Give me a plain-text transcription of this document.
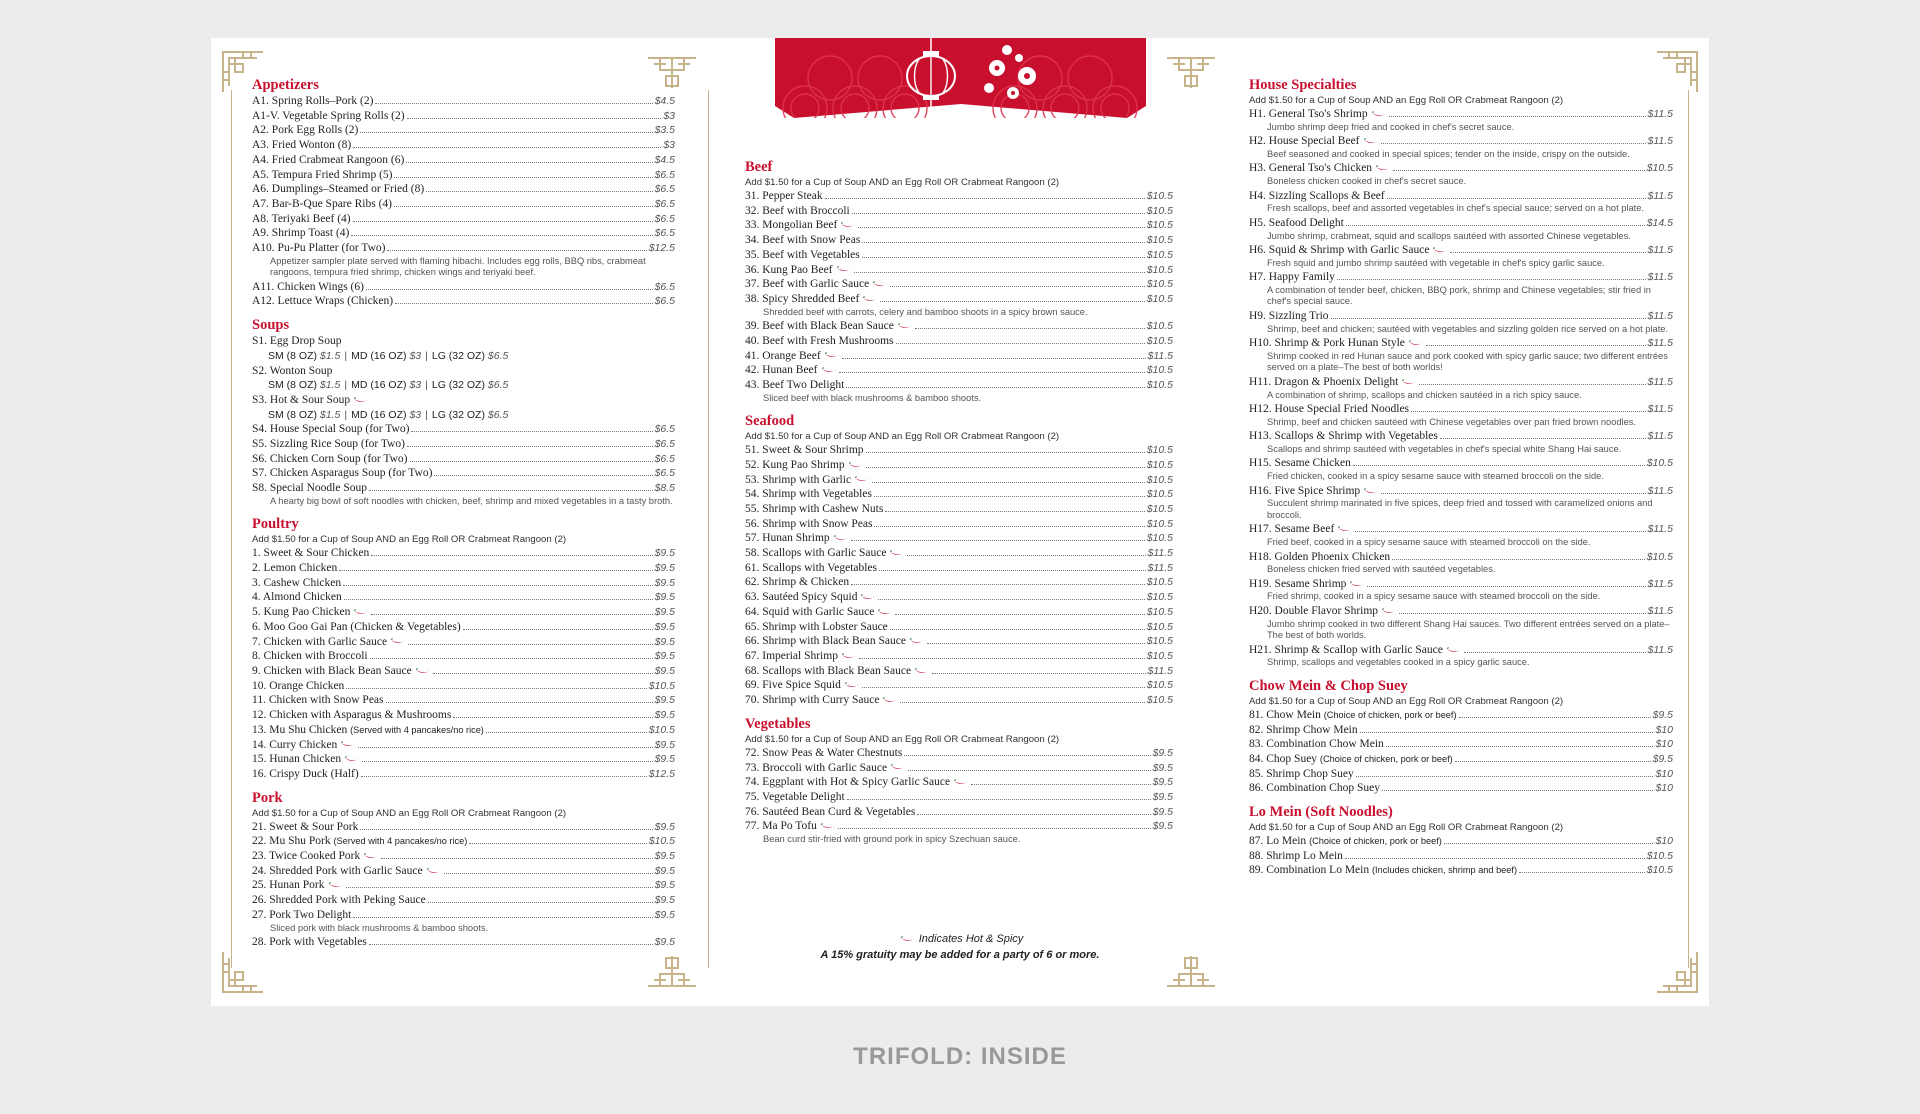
Appetizers
A1. Spring Rolls–Pork (2)	$4.5
A1-V. Vegetable Spring Rolls (2)	$3
A2. Pork Egg Rolls (2)	$3.5
A3. Fried Wonton (8)	$3
A4. Fried Crabmeat Rangoon (6)	$4.5
A5. Tempura Fried Shrimp (5)	$6.5
A6. Dumplings–Steamed or Fried (8)	$6.5
A7. Bar-B-Que Spare Ribs (4)	$6.5
A8. Teriyaki Beef (4)	$6.5
A9. Shrimp Toast (4)	$6.5
A10. Pu-Pu Platter (for Two)	$12.5
Appetizer sampler plate served with flaming hibachi. Includes egg rolls, BBQ ribs, crabmeat rangoons, tempura fried shrimp, chicken wings and teriyaki beef.
A11. Chicken Wings (6)	$6.5
A12. Lettuce Wraps (Chicken)	$6.5
Soups
S1. Egg Drop Soup
SM (8 OZ) $1.5 | MD (16 OZ) $3 | LG (32 OZ) $6.5
S2. Wonton Soup
SM (8 OZ) $1.5 | MD (16 OZ) $3 | LG (32 OZ) $6.5
S3. Hot & Sour Soup
SM (8 OZ) $1.5 | MD (16 OZ) $3 | LG (32 OZ) $6.5
S4. House Special Soup (for Two)	$6.5
S5. Sizzling Rice Soup (for Two)	$6.5
S6. Chicken Corn Soup (for Two)	$6.5
S7. Chicken Asparagus Soup (for Two)	$6.5
S8. Special Noodle Soup	$8.5
A hearty big bowl of soft noodles with chicken, beef, shrimp and mixed vegetables in a tasty broth.
Poultry
Add $1.50 for a Cup of Soup AND an Egg Roll OR Crabmeat Rangoon (2)
1. Sweet & Sour Chicken	$9.5
2. Lemon Chicken	$9.5
3. Cashew Chicken	$9.5
4. Almond Chicken	$9.5
5. Kung Pao Chicken	$9.5
6. Moo Goo Gai Pan (Chicken & Vegetables)	$9.5
7. Chicken with Garlic Sauce	$9.5
8. Chicken with Broccoli	$9.5
9. Chicken with Black Bean Sauce	$9.5
10. Orange Chicken	$10.5
11. Chicken with Snow Peas	$9.5
12. Chicken with Asparagus & Mushrooms	$9.5
13. Mu Shu Chicken (Served with 4 pancakes/no rice)	$10.5
14. Curry Chicken	$9.5
15. Hunan Chicken	$9.5
16. Crispy Duck (Half)	$12.5
Pork
Add $1.50 for a Cup of Soup AND an Egg Roll OR Crabmeat Rangoon (2)
21. Sweet & Sour Pork	$9.5
22. Mu Shu Pork (Served with 4 pancakes/no rice)	$10.5
23. Twice Cooked Pork	$9.5
24. Shredded Pork with Garlic Sauce	$9.5
25. Hunan Pork	$9.5
26. Shredded Pork with Peking Sauce	$9.5
27. Pork Two Delight	$9.5
Sliced pork with black mushrooms & bamboo shoots.
28. Pork with Vegetables	$9.5
Beef
Add $1.50 for a Cup of Soup AND an Egg Roll OR Crabmeat Rangoon (2)
31. Pepper Steak	$10.5
32. Beef with Broccoli	$10.5
33. Mongolian Beef	$10.5
34. Beef with Snow Peas	$10.5
35. Beef with Vegetables	$10.5
36. Kung Pao Beef	$10.5
37. Beef with Garlic Sauce	$10.5
38. Spicy Shredded Beef	$10.5
Shredded beef with carrots, celery and bamboo shoots in a spicy brown sauce.
39. Beef with Black Bean Sauce	$10.5
40. Beef with Fresh Mushrooms	$10.5
41. Orange Beef	$11.5
42. Hunan Beef	$10.5
43. Beef Two Delight	$10.5
Sliced beef with black mushrooms & bamboo shoots.
Seafood
Add $1.50 for a Cup of Soup AND an Egg Roll OR Crabmeat Rangoon (2)
51. Sweet & Sour Shrimp	$10.5
52. Kung Pao Shrimp	$10.5
53. Shrimp with Garlic	$10.5
54. Shrimp with Vegetables	$10.5
55. Shrimp with Cashew Nuts	$10.5
56. Shrimp with Snow Peas	$10.5
57. Hunan Shrimp	$10.5
58. Scallops with Garlic Sauce	$11.5
61. Scallops with Vegetables	$11.5
62. Shrimp & Chicken	$10.5
63. Sautéed Spicy Squid	$10.5
64. Squid with Garlic Sauce	$10.5
65. Shrimp with Lobster Sauce	$10.5
66. Shrimp with Black Bean Sauce	$10.5
67. Imperial Shrimp	$10.5
68. Scallops with Black Bean Sauce	$11.5
69. Five Spice Squid	$10.5
70. Shrimp with Curry Sauce	$10.5
Vegetables
Add $1.50 for a Cup of Soup AND an Egg Roll OR Crabmeat Rangoon (2)
72. Snow Peas & Water Chestnuts	$9.5
73. Broccoli with Garlic Sauce	$9.5
74. Eggplant with Hot & Spicy Garlic Sauce	$9.5
75. Vegetable Delight	$9.5
76. Sautéed Bean Curd & Vegetables	$9.5
77. Ma Po Tofu	$9.5
Bean curd stir-fried with ground pork in spicy Szechuan sauce.
Indicates Hot & Spicy
A 15% gratuity may be added for a party of 6 or more.
House Specialties
Add $1.50 for a Cup of Soup AND an Egg Roll OR Crabmeat Rangoon (2)
H1. General Tso's Shrimp	$11.5
Jumbo shrimp deep fried and cooked in chef's secret sauce.
H2. House Special Beef	$11.5
Beef seasoned and cooked in special spices; tender on the inside, crispy on the outside.
H3. General Tso's Chicken	$10.5
Boneless chicken cooked in chef's secret sauce.
H4. Sizzling Scallops & Beef	$11.5
Fresh scallops, beef and assorted vegetables in chef's special sauce; served on a hot plate.
H5. Seafood Delight	$14.5
Jumbo shrimp, crabmeat, squid and scallops sautéed with assorted Chinese vegetables.
H6. Squid & Shrimp with Garlic Sauce	$11.5
Fresh squid and jumbo shrimp sautéed with vegetable in chef's spicy garlic sauce.
H7. Happy Family	$11.5
A combination of tender beef, chicken, BBQ pork, shrimp and Chinese vegetables; stir fried in chef's special sauce.
H9. Sizzling Trio	$11.5
Shrimp, beef and chicken; sautéed with vegetables and sizzling golden rice served on a hot plate.
H10. Shrimp & Pork Hunan Style	$11.5
Shrimp cooked in red Hunan sauce and pork cooked with spicy garlic sauce; two different entrées served on a plate–The best of both worlds!
H11. Dragon & Phoenix Delight	$11.5
A combination of shrimp, scallops and chicken sautéed in a rich spicy sauce.
H12. House Special Fried Noodles	$11.5
Shrimp, beef and chicken sautéed with Chinese vegetables over pan fried brown noodles.
H13. Scallops & Shrimp with Vegetables	$11.5
Scallops and shrimp sautéed with vegetables in chef's special white Shang Hai sauce.
H15. Sesame Chicken	$10.5
Fried chicken, cooked in a spicy sesame sauce with steamed broccoli on the side.
H16. Five Spice Shrimp	$11.5
Succulent shrimp marinated in five spices, deep fried and tossed with caramelized onions and broccoli.
H17. Sesame Beef	$11.5
Fried beef, cooked in a spicy sesame sauce with steamed broccoli on the side.
H18. Golden Phoenix Chicken	$10.5
Boneless chicken fried served with sautéed vegetables.
H19. Sesame Shrimp	$11.5
Fried shrimp, cooked in a spicy sesame sauce with steamed broccoli on the side.
H20. Double Flavor Shrimp	$11.5
Jumbo shrimp cooked in two different Shang Hai sauces. Two different entrées served on a plate–The best of both worlds.
H21. Shrimp & Scallop with Garlic Sauce	$11.5
Shrimp, scallops and vegetables cooked in a spicy garlic sauce.
Chow Mein & Chop Suey
Add $1.50 for a Cup of Soup AND an Egg Roll OR Crabmeat Rangoon (2)
81. Chow Mein (Choice of chicken, pork or beef)	$9.5
82. Shrimp Chow Mein	$10
83. Combination Chow Mein	$10
84. Chop Suey (Choice of chicken, pork or beef)	$9.5
85. Shrimp Chop Suey	$10
86. Combination Chop Suey	$10
Lo Mein (Soft Noodles)
Add $1.50 for a Cup of Soup AND an Egg Roll OR Crabmeat Rangoon (2)
87. Lo Mein (Choice of chicken, pork or beef)	$10
88. Shrimp Lo Mein	$10.5
89. Combination Lo Mein (Includes chicken, shrimp and beef)	$10.5
TRIFOLD: INSIDE
